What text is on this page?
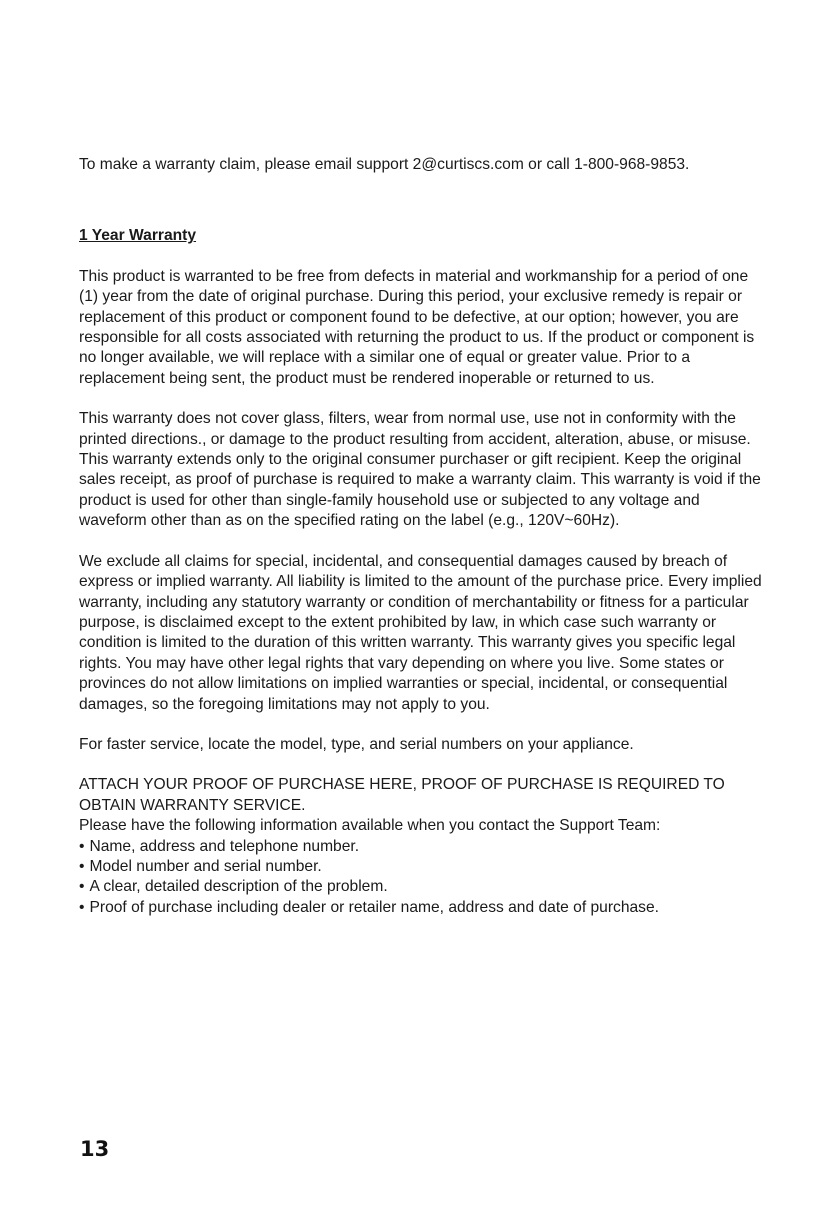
To make a warranty claim, please email support 2@curtiscs.com or call 1-800-968-9853.

1 Year Warranty

This product is warranted to be free from defects in material and workmanship for a period of one (1) year from the date of original purchase. During this period, your exclusive remedy is repair or replacement of this product or component found to be defective, at our option; however, you are responsible for all costs associated with returning the product to us. If the product or component is no longer available, we will replace with a similar one of equal or greater value. Prior to a replacement being sent, the product must be rendered inoperable or returned to us.

This warranty does not cover glass, filters, wear from normal use, use not in conformity with the printed directions., or damage to the product resulting from accident, alteration, abuse, or misuse. This warranty extends only to the original consumer purchaser or gift recipient. Keep the original sales receipt, as proof of purchase is required to make a warranty claim. This warranty is void if the product is used for other than single-family household use or subjected to any voltage and waveform other than as on the specified rating on the label (e.g., 120V~60Hz).

We exclude all claims for special, incidental, and consequential damages caused by breach of express or implied warranty. All liability is limited to the amount of the purchase price. Every implied warranty, including any statutory warranty or condition of merchantability or fitness for a particular purpose, is disclaimed except to the extent prohibited by law, in which case such warranty or condition is limited to the duration of this written warranty. This warranty gives you specific legal rights. You may have other legal rights that vary depending on where you live. Some states or provinces do not allow limitations on implied warranties or special, incidental, or consequential damages, so the foregoing limitations may not apply to you.

For faster service, locate the model, type, and serial numbers on your appliance.

ATTACH YOUR PROOF OF PURCHASE HERE, PROOF OF PURCHASE IS REQUIRED TO OBTAIN WARRANTY SERVICE.

Please have the following information available when you contact the Support Team:

• Name, address and telephone number.
• Model number and serial number.
• A clear, detailed description of the problem.
• Proof of purchase including dealer or retailer name, address and date of purchase.
13
